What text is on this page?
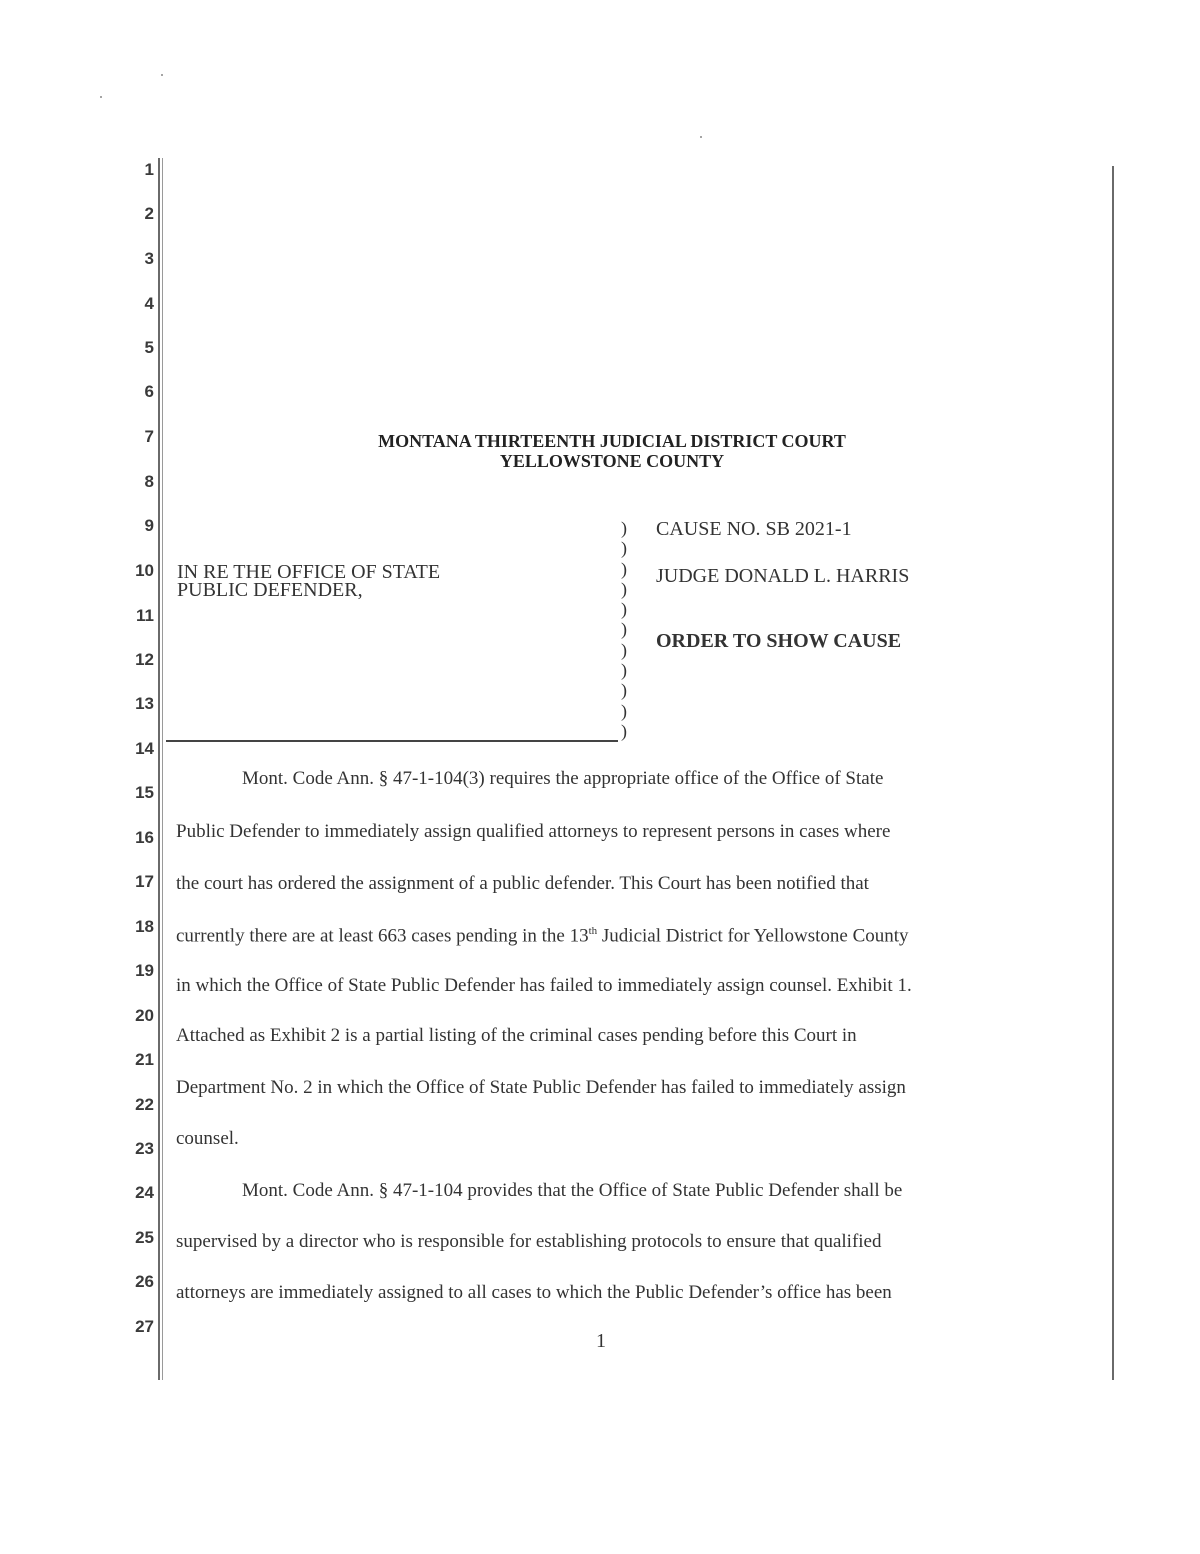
1
2
3
4
5
6
7
8
9
10
11
12
13
14
15
16
17
18
19
20
21
22
23
24
25
26
27
MONTANA THIRTEENTH JUDICIAL DISTRICT COURT
YELLOWSTONE COUNTY
IN RE THE OFFICE OF STATE
PUBLIC DEFENDER,
)
)
)
)
)
)
)
)
)
)
)
CAUSE NO. SB 2021-1
JUDGE DONALD L. HARRIS
ORDER TO SHOW CAUSE
Mont. Code Ann. § 47-1-104(3) requires the appropriate office of the Office of State
Public Defender to immediately assign qualified attorneys to represent persons in cases where
the court has ordered the assignment of a public defender. This Court has been notified that
currently there are at least 663 cases pending in the 13th Judicial District for Yellowstone County
in which the Office of State Public Defender has failed to immediately assign counsel. Exhibit 1.
Attached as Exhibit 2 is a partial listing of the criminal cases pending before this Court in
Department No. 2 in which the Office of State Public Defender has failed to immediately assign
counsel.
Mont. Code Ann. § 47-1-104 provides that the Office of State Public Defender shall be
supervised by a director who is responsible for establishing protocols to ensure that qualified
attorneys are immediately assigned to all cases to which the Public Defender’s office has been
1
